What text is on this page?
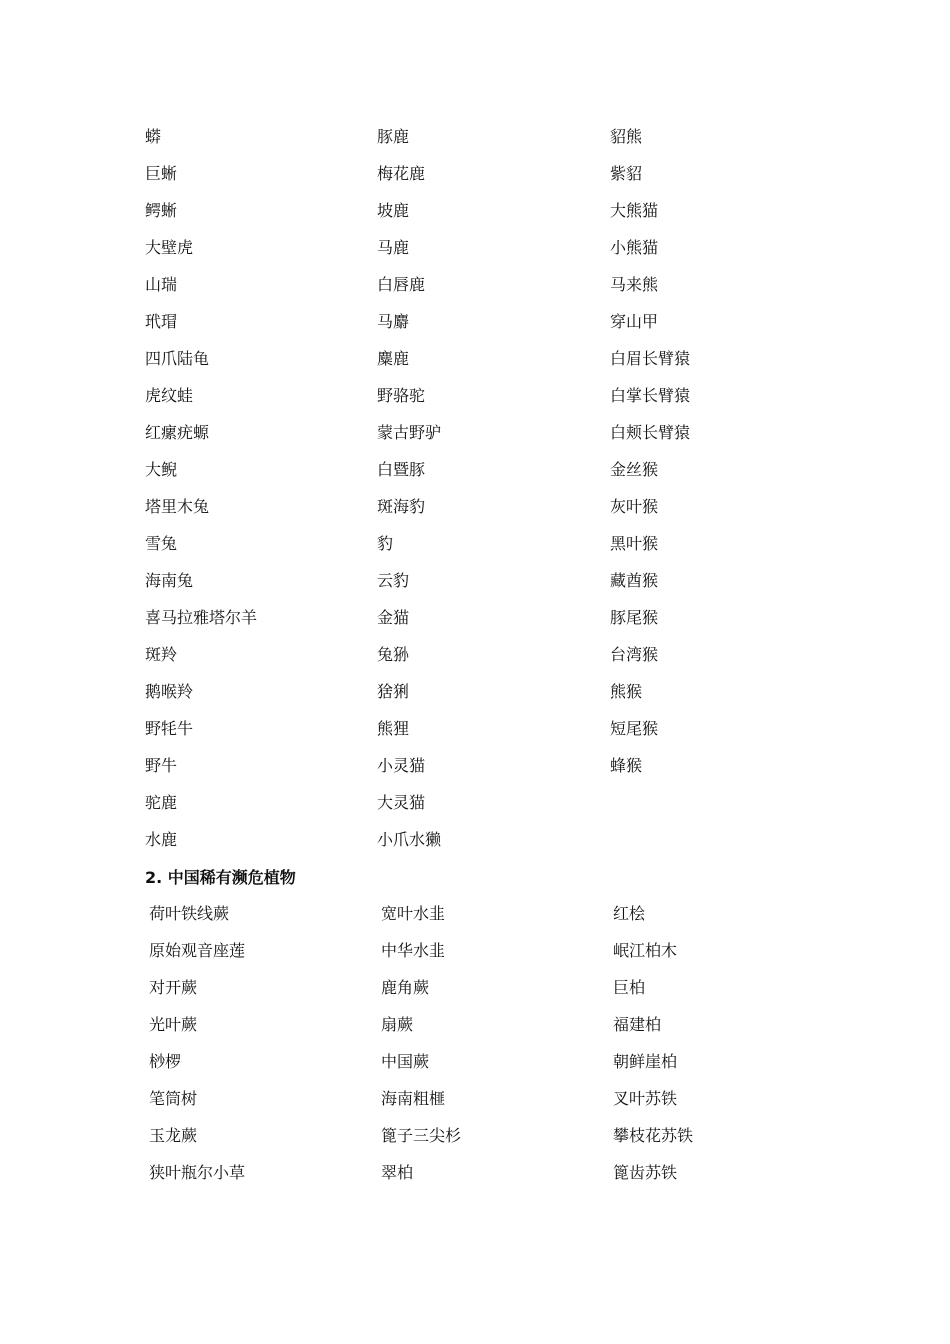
蟒	豚鹿	貂熊
巨蜥	梅花鹿	紫貂
鳄蜥	坡鹿	大熊猫
大壁虎	马鹿	小熊猫
山瑞	白唇鹿	马来熊
玳瑁	马麝	穿山甲
四爪陆龟	麋鹿	白眉长臂猿
虎纹蛙	野骆驼	白掌长臂猿
红瘰疣螈	蒙古野驴	白颊长臂猿
大鲵	白暨豚	金丝猴
塔里木兔	斑海豹	灰叶猴
雪兔	豹	黑叶猴
海南兔	云豹	藏酋猴
喜马拉雅塔尔羊	金猫	豚尾猴
斑羚	兔狲	台湾猴
鹅喉羚	猞猁	熊猴
野牦牛	熊狸	短尾猴
野牛	小灵猫	蜂猴
驼鹿	大灵猫
水鹿	小爪水獭
2. 中国稀有濒危植物
荷叶铁线蕨	宽叶水韭	红桧
原始观音座莲	中华水韭	岷江柏木
对开蕨	鹿角蕨	巨柏
光叶蕨	扇蕨	福建柏
桫椤	中国蕨	朝鲜崖柏
笔筒树	海南粗榧	叉叶苏铁
玉龙蕨	篦子三尖杉	攀枝花苏铁
狭叶瓶尔小草	翠柏	篦齿苏铁
